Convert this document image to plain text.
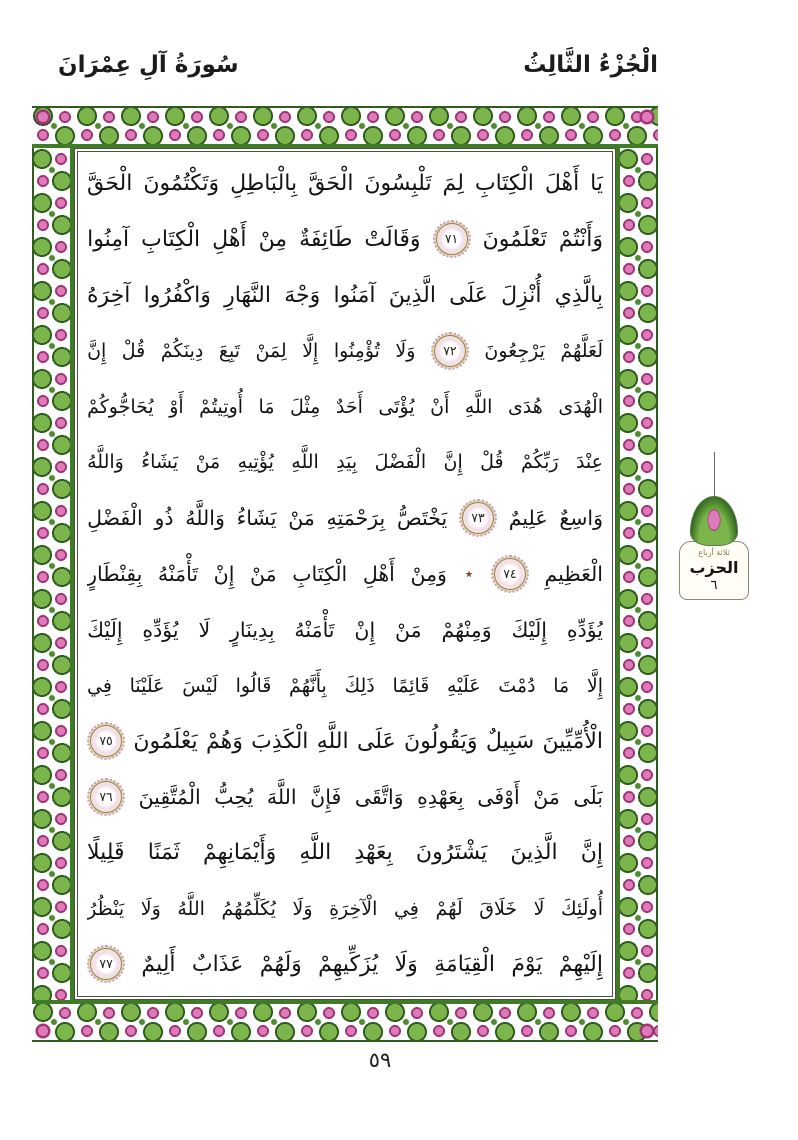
الْجُزْءُ الثَّالِثُ
سُورَةُ آلِ عِمْرَانَ
يَا
أَهْلَ
الْكِتَابِ
لِمَ
تَلْبِسُونَ
الْحَقَّ
بِالْبَاطِلِ
وَتَكْتُمُونَ
الْحَقَّ
وَأَنْتُمْ
تَعْلَمُونَ
٧١
وَقَالَتْ
طَائِفَةٌ
مِنْ
أَهْلِ
الْكِتَابِ
آمِنُوا
بِالَّذِي
أُنْزِلَ
عَلَى
الَّذِينَ
آمَنُوا
وَجْهَ
النَّهَارِ
وَاكْفُرُوا
آخِرَهُ
لَعَلَّهُمْ
يَرْجِعُونَ
٧٢
وَلَا
تُؤْمِنُوا
إِلَّا
لِمَنْ
تَبِعَ
دِينَكُمْ
قُلْ
إِنَّ
الْهُدَى
هُدَى
اللَّهِ
أَنْ
يُؤْتَى
أَحَدٌ
مِثْلَ
مَا
أُوتِيتُمْ
أَوْ
يُحَاجُّوكُمْ
عِنْدَ
رَبِّكُمْ
قُلْ
إِنَّ
الْفَضْلَ
بِيَدِ
اللَّهِ
يُؤْتِيهِ
مَنْ
يَشَاءُ
وَاللَّهُ
وَاسِعٌ
عَلِيمٌ
٧٣
يَخْتَصُّ
بِرَحْمَتِهِ
مَنْ
يَشَاءُ
وَاللَّهُ
ذُو
الْفَضْلِ
الْعَظِيمِ
٧٤
٭
وَمِنْ
أَهْلِ
الْكِتَابِ
مَنْ
إِنْ
تَأْمَنْهُ
بِقِنْطَارٍ
يُؤَدِّهِ
إِلَيْكَ
وَمِنْهُمْ
مَنْ
إِنْ
تَأْمَنْهُ
بِدِينَارٍ
لَا
يُؤَدِّهِ
إِلَيْكَ
إِلَّا
مَا
دُمْتَ
عَلَيْهِ
قَائِمًا
ذَلِكَ
بِأَنَّهُمْ
قَالُوا
لَيْسَ
عَلَيْنَا
فِي
الْأُمِّيِّينَ
سَبِيلٌ
وَيَقُولُونَ
عَلَى
اللَّهِ
الْكَذِبَ
وَهُمْ
يَعْلَمُونَ
٧٥
بَلَى
مَنْ
أَوْفَى
بِعَهْدِهِ
وَاتَّقَى
فَإِنَّ
اللَّهَ
يُحِبُّ
الْمُتَّقِينَ
٧٦
إِنَّ
الَّذِينَ
يَشْتَرُونَ
بِعَهْدِ
اللَّهِ
وَأَيْمَانِهِمْ
ثَمَنًا
قَلِيلًا
أُولَئِكَ
لَا
خَلَاقَ
لَهُمْ
فِي
الْآخِرَةِ
وَلَا
يُكَلِّمُهُمُ
اللَّهُ
وَلَا
يَنْظُرُ
إِلَيْهِمْ
يَوْمَ
الْقِيَامَةِ
وَلَا
يُزَكِّيهِمْ
وَلَهُمْ
عَذَابٌ
أَلِيمٌ
٧٧
ثلاثة أرباع
الحزب
٦
٥٩
